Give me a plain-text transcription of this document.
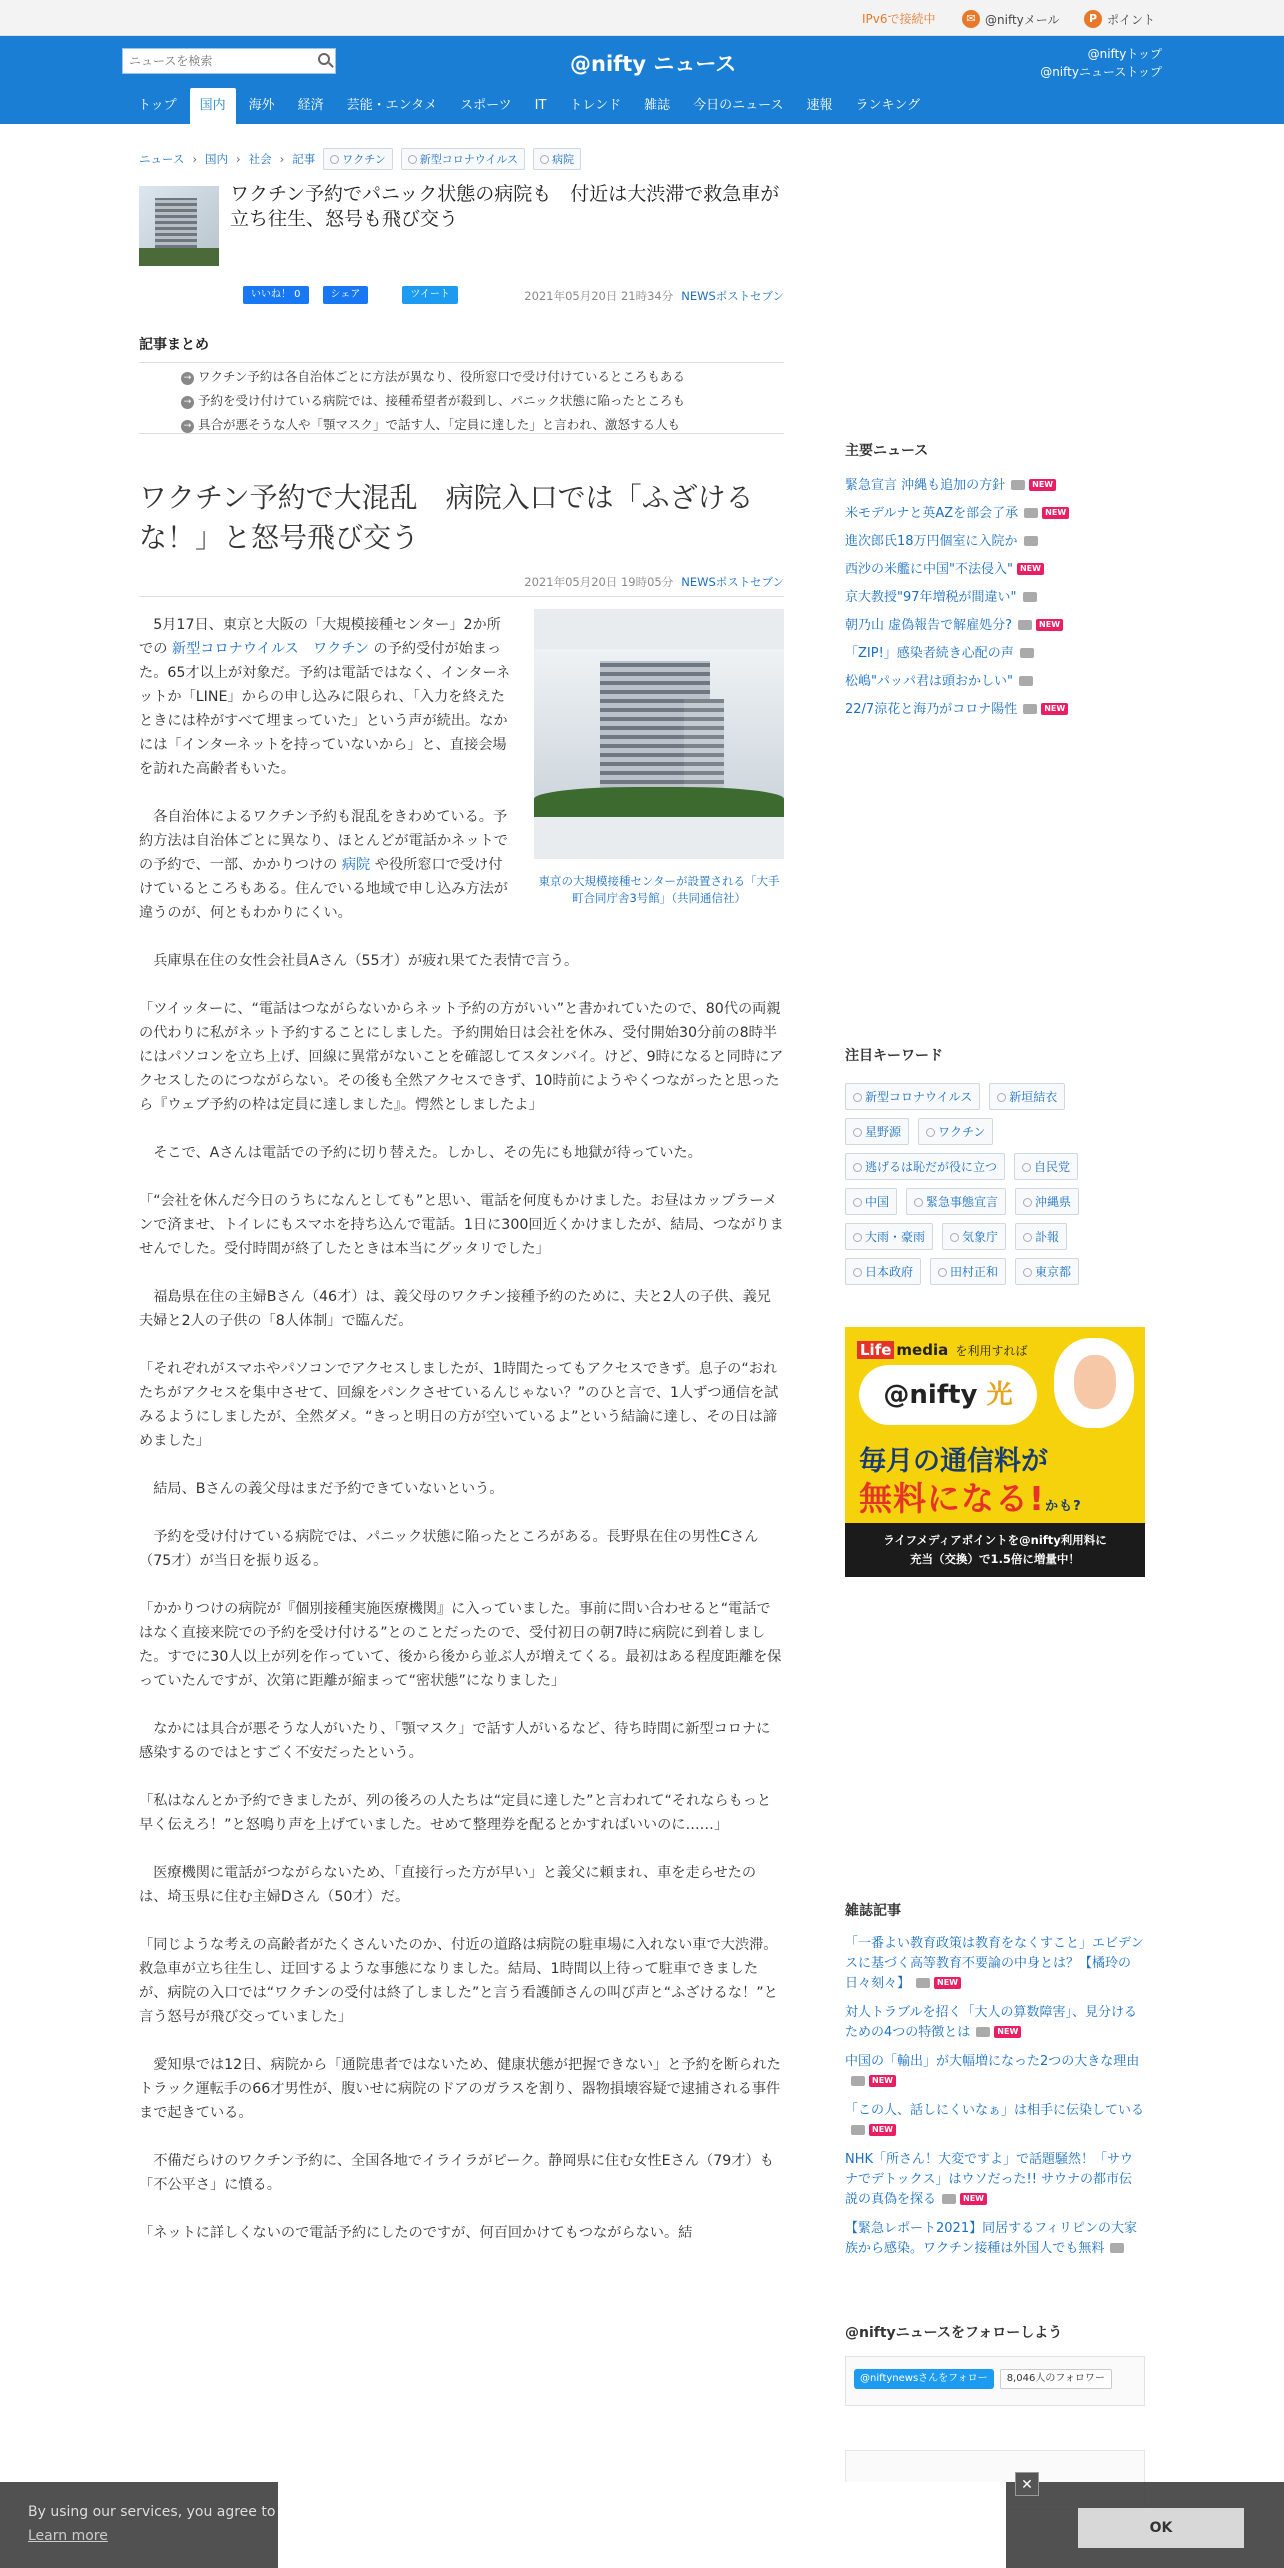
IPv6で接続中	✉ @niftyメール	P ポイント
ニュースを検索
@nifty ニュース	@niftyトップ
@niftyニューストップ
トップ	国内	海外	経済	芸能・エンタメ	スポーツ	IT	トレンド	雑誌	今日のニュース	速報	ランキング
ニュース › 国内 › 社会 › 記事	ワクチン	新型コロナウイルス	病院
ワクチン予約でパニック状態の病院も　付近は大渋滞で救急車が立ち往生、怒号も飛び交う
いいね！ 0	シェア	ツイート	2021年05月20日 21時34分 NEWSポストセブン
記事まとめ
→ ワクチン予約は各自治体ごとに方法が異なり、役所窓口で受け付けているところもある
→ 予約を受け付けている病院では、接種希望者が殺到し、パニック状態に陥ったところも
→ 具合が悪そうな人や「顎マスク」で話す人、「定員に達した」と言われ、激怒する人も
ワクチン予約で大混乱　病院入口では「ふざけるな！」と怒号飛び交う
2021年05月20日 19時05分 NEWSポストセブン
東京の大規模接種センターが設置される「大手町合同庁舎3号館」（共同通信社）

　5月17日、東京と大阪の「大規模接種センター」2か所での 新型コロナウイルス　 ワクチン の予約受付が始まった。65才以上が対象だ。予約は電話ではなく、インターネットか「LINE」からの申し込みに限られ、「入力を終えたときには枠がすべて埋まっていた」という声が続出。なかには「インターネットを持っていないから」と、直接会場を訪れた高齢者もいた。

　各自治体によるワクチン予約も混乱をきわめている。予約方法は自治体ごとに異なり、ほとんどが電話かネットでの予約で、一部、かかりつけの 病院 や役所窓口で受け付けているところもある。住んでいる地域で申し込み方法が違うのが、何ともわかりにくい。

　兵庫県在住の女性会社員Aさん（55才）が疲れ果てた表情で言う。

「ツイッターに、“電話はつながらないからネット予約の方がいい”と書かれていたので、80代の両親の代わりに私がネット予約することにしました。予約開始日は会社を休み、受付開始30分前の8時半にはパソコンを立ち上げ、回線に異常がないことを確認してスタンバイ。けど、9時になると同時にアクセスしたのにつながらない。その後も全然アクセスできず、10時前にようやくつながったと思ったら『ウェブ予約の枠は定員に達しました』。愕然としましたよ」

　そこで、Aさんは電話での予約に切り替えた。しかし、その先にも地獄が待っていた。

「“会社を休んだ今日のうちになんとしても”と思い、電話を何度もかけました。お昼はカップラーメンで済ませ、トイレにもスマホを持ち込んで電話。1日に300回近くかけましたが、結局、つながりませんでした。受付時間が終了したときは本当にグッタリでした」

　福島県在住の主婦Bさん（46才）は、義父母のワクチン接種予約のために、夫と2人の子供、義兄夫婦と2人の子供の「8人体制」で臨んだ。

「それぞれがスマホやパソコンでアクセスしましたが、1時間たってもアクセスできず。息子の“おれたちがアクセスを集中させて、回線をパンクさせているんじゃない？”のひと言で、1人ずつ通信を試みるようにしましたが、全然ダメ。“きっと明日の方が空いているよ”という結論に達し、その日は諦めました」

　結局、Bさんの義父母はまだ予約できていないという。

　予約を受け付けている病院では、パニック状態に陥ったところがある。長野県在住の男性Cさん（75才）が当日を振り返る。

「かかりつけの病院が『個別接種実施医療機関』に入っていました。事前に問い合わせると“電話ではなく直接来院での予約を受け付ける”とのことだったので、受付初日の朝7時に病院に到着しました。すでに30人以上が列を作っていて、後から後から並ぶ人が増えてくる。最初はある程度距離を保っていたんですが、次第に距離が縮まって“密状態”になりました」

　なかには具合が悪そうな人がいたり、「顎マスク」で話す人がいるなど、待ち時間に新型コロナに感染するのではとすごく不安だったという。

「私はなんとか予約できましたが、列の後ろの人たちは“定員に達した”と言われて“それならもっと早く伝えろ！”と怒鳴り声を上げていました。せめて整理券を配るとかすればいいのに……」

　医療機関に電話がつながらないため、「直接行った方が早い」と義父に頼まれ、車を走らせたのは、埼玉県に住む主婦Dさん（50才）だ。

「同じような考えの高齢者がたくさんいたのか、付近の道路は病院の駐車場に入れない車で大渋滞。救急車が立ち往生し、迂回するような事態になりました。結局、1時間以上待って駐車できましたが、病院の入口では“ワクチンの受付は終了しました”と言う看護師さんの叫び声と“ふざけるな！”と言う怒号が飛び交っていました」

　愛知県では12日、病院から「通院患者ではないため、健康状態が把握できない」と予約を断られたトラック運転手の66才男性が、腹いせに病院のドアのガラスを割り、器物損壊容疑で逮捕される事件まで起きている。

　不備だらけのワクチン予約に、全国各地でイライラがピーク。静岡県に住む女性Eさん（79才）も「不公平さ」に憤る。

「ネットに詳しくないので電話予約にしたのですが、何百回かけてもつながらない。結

主要ニュース
緊急宣言 沖縄も追加の方針	NEW
米モデルナと英AZを部会了承	NEW
進次郎氏18万円個室に入院か
西沙の米艦に中国"不法侵入" NEW
京大教授"97年増税が間違い"
朝乃山 虚偽報告で解雇処分?	NEW
「ZIP!」感染者続き心配の声
松嶋"パッパ君は頭おかしい"
22/7涼花と海乃がコロナ陽性	NEW
注目キーワード
新型コロナウイルス	新垣結衣
星野源	ワクチン
逃げるは恥だが役に立つ	自民党
中国	緊急事態宣言	沖縄県
大雨・豪雨	気象庁	訃報
日本政府	田村正和	東京都
Life media を利用すれば
@nifty 光
毎月の通信料が
無料になる!かも?
ライフメディアポイントを@nifty利用料に
充当（交換）で1.5倍に増量中！
雑誌記事
「一番よい教育政策は教育をなくすこと」エビデンスに基づく高等教育不要論の中身とは？【橘玲の日々刻々】	NEW
対人トラブルを招く「大人の算数障害」、見分けるための4つの特徴とは	NEW
中国の「輸出」が大幅増になった2つの大きな理由NEW
「この人、話しにくいなぁ」は相手に伝染しているNEW
NHK「所さん！大変ですよ」で話題騒然！「サウナでデトックス」はウソだった!! サウナの都市伝説の真偽を探る	NEW
【緊急レポート2021】同居するフィリピンの大家族から感染。ワクチン接種は外国人でも無料
@niftyニュースをフォローしよう
@niftynewsさんをフォロー	8,046人のフォロワー
By using our services, you agree to
Learn more	OK
✕
